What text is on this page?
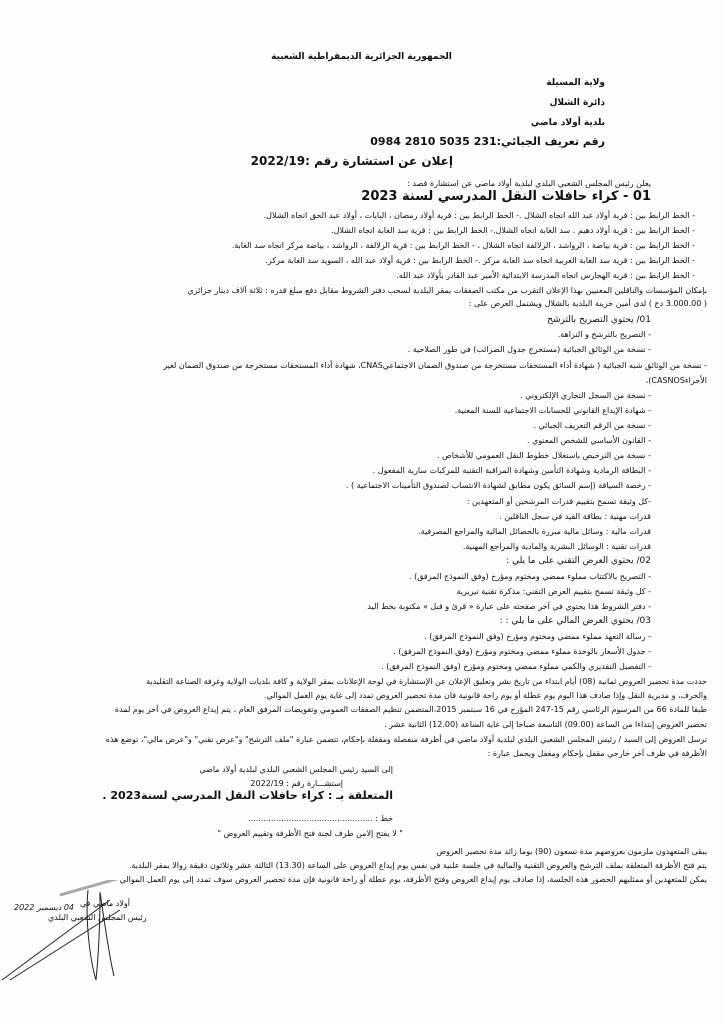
الجمهورية الجزائرية الديمقراطية الشعبية
ولاية المسيلة
دائرة الشلال
بلدية أولاد ماضي
رقم تعريف الجبائي:231 5035 2810 0984
إعلان عن استشارة رقم :2022/19
يعلن رئيس المجلس الشعبي البلدي لبلدية أولاد ماضي عن استشارة قصد :
01 - كراء حافلات النقل المدرسي لسنة 2023
- الخط الرابط بين : قرية أولاد عبد الله اتجاه الشلال .- الخط الرابط بين : قرية أولاد رمضان ، البايات ، أولاد عبد الحق اتجاه الشلال.
- الخط الرابط بين : قرية أولاد دهيم . سد الغابة اتجاه الشلال.- الخط الرابط بين : قرية سد الغابة اتجاه الشلال.
- الخط الرابط بين : قرية بياضة ، الرواشد ، الزلالفة اتجاه الشلال ، - الخط الرابط بين : قرية الزلالفة ، الرواشد ، بياضة مركز اتجاه سد الغابة.
- الخط الرابط بين : قرية سد الغابة الغربية اتجاه سد الغابة مركز .- الخط الرابط بين : قرية أولاد عبد الله ، السويد سد الغابة مركز.
- الخط الرابط بين : قرية الهجارس اتجاه المدرسة الابتدائية الأمير عبد القادر بأولاد عبد الله.
بإمكان المؤسسات والناقلين المعنيين بهذا الإعلان التقرب من مكتب الصفقات بمقر البلدية لسحب دفتر الشروط مقابل دفع مبلغ قدره : ثلاثة آلاف دينار جزائري
( 3.000.00 دج ) لدى أمين خزينة البلدية بالشلال ويشتمل العرض على :
01/ يحتوي التصريح بالترشح
- التصريح بالترشح و النزاهة.
- نسخة من الوثائق الجبائية (مستخرج جدول الضرائب) في طور الصلاحية .
- نسخة من الوثائق شبه الجبائية ( شهادة أداء المستحقات مستخرجة من صندوق الضمان الاجتماعيCNAS، شهادة أداء المستحقات مستخرجة من صندوق الضمان لغير
الأجراءCASNOS)،
- نسخة من السجل التجاري الإلكتروني .
- شهادة الإيداع القانوني للحسابات الاجتماعية للسنة المعنية.
- نسخة من الرقم التعريف الجبائي .
- القانون الأساسي للشخص المعنوي .
- نسخة من الترخيص باستغلال خطوط النقل العمومي للأشخاص .
- البطاقة الرمادية وشهادة التأمين وشهادة المراقبة التقنية للمركبات سارية المفعول .
- رخصة السياقة (إسم السائق يكون مطابق لشهادة الانتساب لصندوق التأمينات الاجتماعية ) .
-كل وثيقة تسمح بتقييم قدرات المرشحين أو المتعهدين :
قدرات مهنية : بطاقة القيد في سجل الناقلين .
قدرات مالية : وسائل مالية مبررة بالحصائل المالية والمراجع المصرفية.
قدرات تقنية : الوسائل البشرية والمادية والمراجع المهنية.
02/ يحتوي العرض التقني على ما يلي :
- التصريح بالاكتتاب مملوء ممضي ومختوم ومؤرخ (وفق النموذج المرفق) .
- كل وثيقة تسمح بتقييم العرض التقني: مذكرة تقنية تبريرية
- دفتر الشروط هذا يحتوي في آخر صفحته على عبارة « قرئ و قبل » مكتوبة بخط اليد
03/ يحتوي العرض المالي على ما يلي : :
- رسالة التعهد مملوء ممضي ومختوم ومؤرخ (وفق النموذج المرفق) .
- جدول الأسعار بالوحدة مملوء ممضي ومختوم ومؤرخ (وفق النموذج المرفق) .
- التفصيل التقديري والكمي مملوء ممضي ومختوم ومؤرخ (وفق النموذج المرفق) .
حددت مدة تحضير العروض ثمانية (08) أيام ابتداء من تاريخ نشر وتعليق الإعلان عن الإستشارة في لوحة الإعلانات بمقر الولاية و كافة بلديات الولاية وغرفة الصناعة التقليدية
والحرف، و مديرية النقل وإذا صادف هذا اليوم يوم عطلة أو يوم راحة قانونية فان مدة تحضير العروض تمدد إلى غاية يوم العمل الموالي.
طبقا للمادة 66 من المرسوم الرئاسي رقم 15-247 المؤرخ في 16 سبتمبر 2015،المتضمن تنظيم الصفقات العمومي وتفويضات المرفق العام ، يتم إيداع العروض في آخر يوم لمدة
تحضير العروض إبتداءا من الساعة (09.00) التاسعة صباحا إلى غاية الساعة (12.00) الثانية عشر .
ترسل العروض إلى السيد / رئيس المجلس الشعبي البلدي لبلدية أولاد ماضي في أظرفة منفصلة ومقفلة بإحكام، تتضمن عبارة "ملف الترشح" و"عرض تقني" و"عرض مالي"، توضع هذه
الأظرفة في ظرف آخر خارجي مقفل بإحكام ومغفل ويحمل عبارة :
إلى السيد رئيس المجلس الشعبي البلدي لبلدية أولاد ماضي
إستشـــارة رقم : 2022/19
المتعلقة بـ : كراء حافلات النقل المدرسي لسنة2023 .
خط : .................................................
" لا يفتح إلامن طرف لجنة فتح الأظرفة وتقييم العروض "
يبقى المتعهدون ملزمون بعروضهم مدة تسعون (90) يوما زائد مدة تحضير العروض
يتم فتح الأظرفة المتعلقة بملف الترشح والعروض التقنية والمالية في جلسة علنية في نفس يوم إيداع العروض على الساعة (13.30) الثالثة عشر وثلاثون دقيقة زوالا بمقر البلدية.
يمكن للمتعهدين أو ممثليهم الحضور هذه الجلسة، إذا صادف يوم إيداع العروض وفتح الأظرفة، يوم عطلة أو راحة قانونية فإن مدة تحضير العروض سوف تمدد إلى يوم العمل الموالي
أولاد ماضي في
04 ديسمبر 2022
رئيس المجلس الشعبي البلدي
